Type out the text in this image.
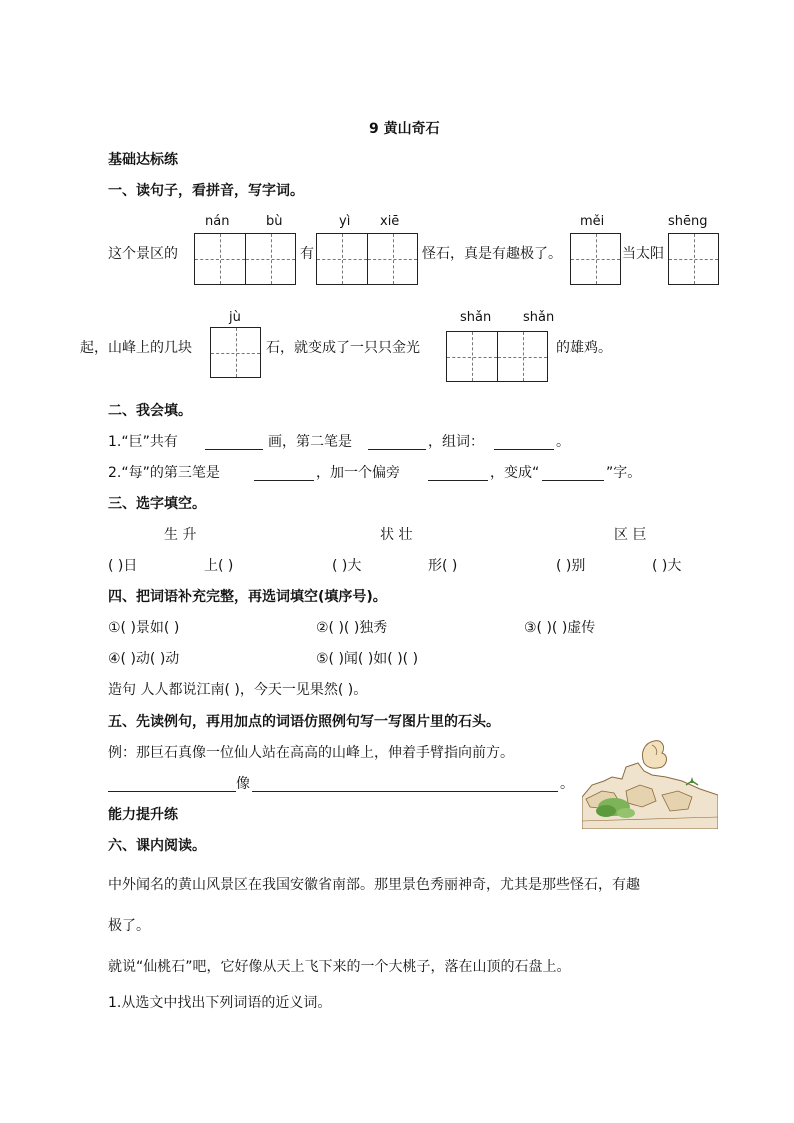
9 黄山奇石
基础达标练
一、读句子，看拼音，写字词。
nán	bù	yì xiē	měi	shēng
这个景区的	有	怪石，真是有趣极了。	当太阳
jù	shǎn shǎn
起，山峰上的几块	石，就变成了一只只金光	的雄鸡。
二、我会填。
1.“巨”共有	画，第二笔是	，组词：	。
2.“每”的第三笔是	，加一个偏旁	，变成“	”字。
三、选字填空。
生 升	状 壮	区 巨
( )日	上( )	( )大	形( )	( )别	( )大
四、把词语补充完整，再选词填空(填序号)。
①( )景如( )	②( )( )独秀	③( )( )虚传
④( )动( )动	⑤( )闻( )如( )( )
造句 人人都说江南( )，今天一见果然( )。
五、先读例句，再用加点的词语仿照例句写一写图片里的石头。
例：那巨石真像一位仙人站在高高的山峰上，伸着手臂指向前方。
像	。
能力提升练
六、课内阅读。
中外闻名的黄山风景区在我国安徽省南部。那里景色秀丽神奇，尤其是那些怪石，有趣
极了。
就说“仙桃石”吧，它好像从天上飞下来的一个大桃子，落在山顶的石盘上。
1.从选文中找出下列词语的近义词。
